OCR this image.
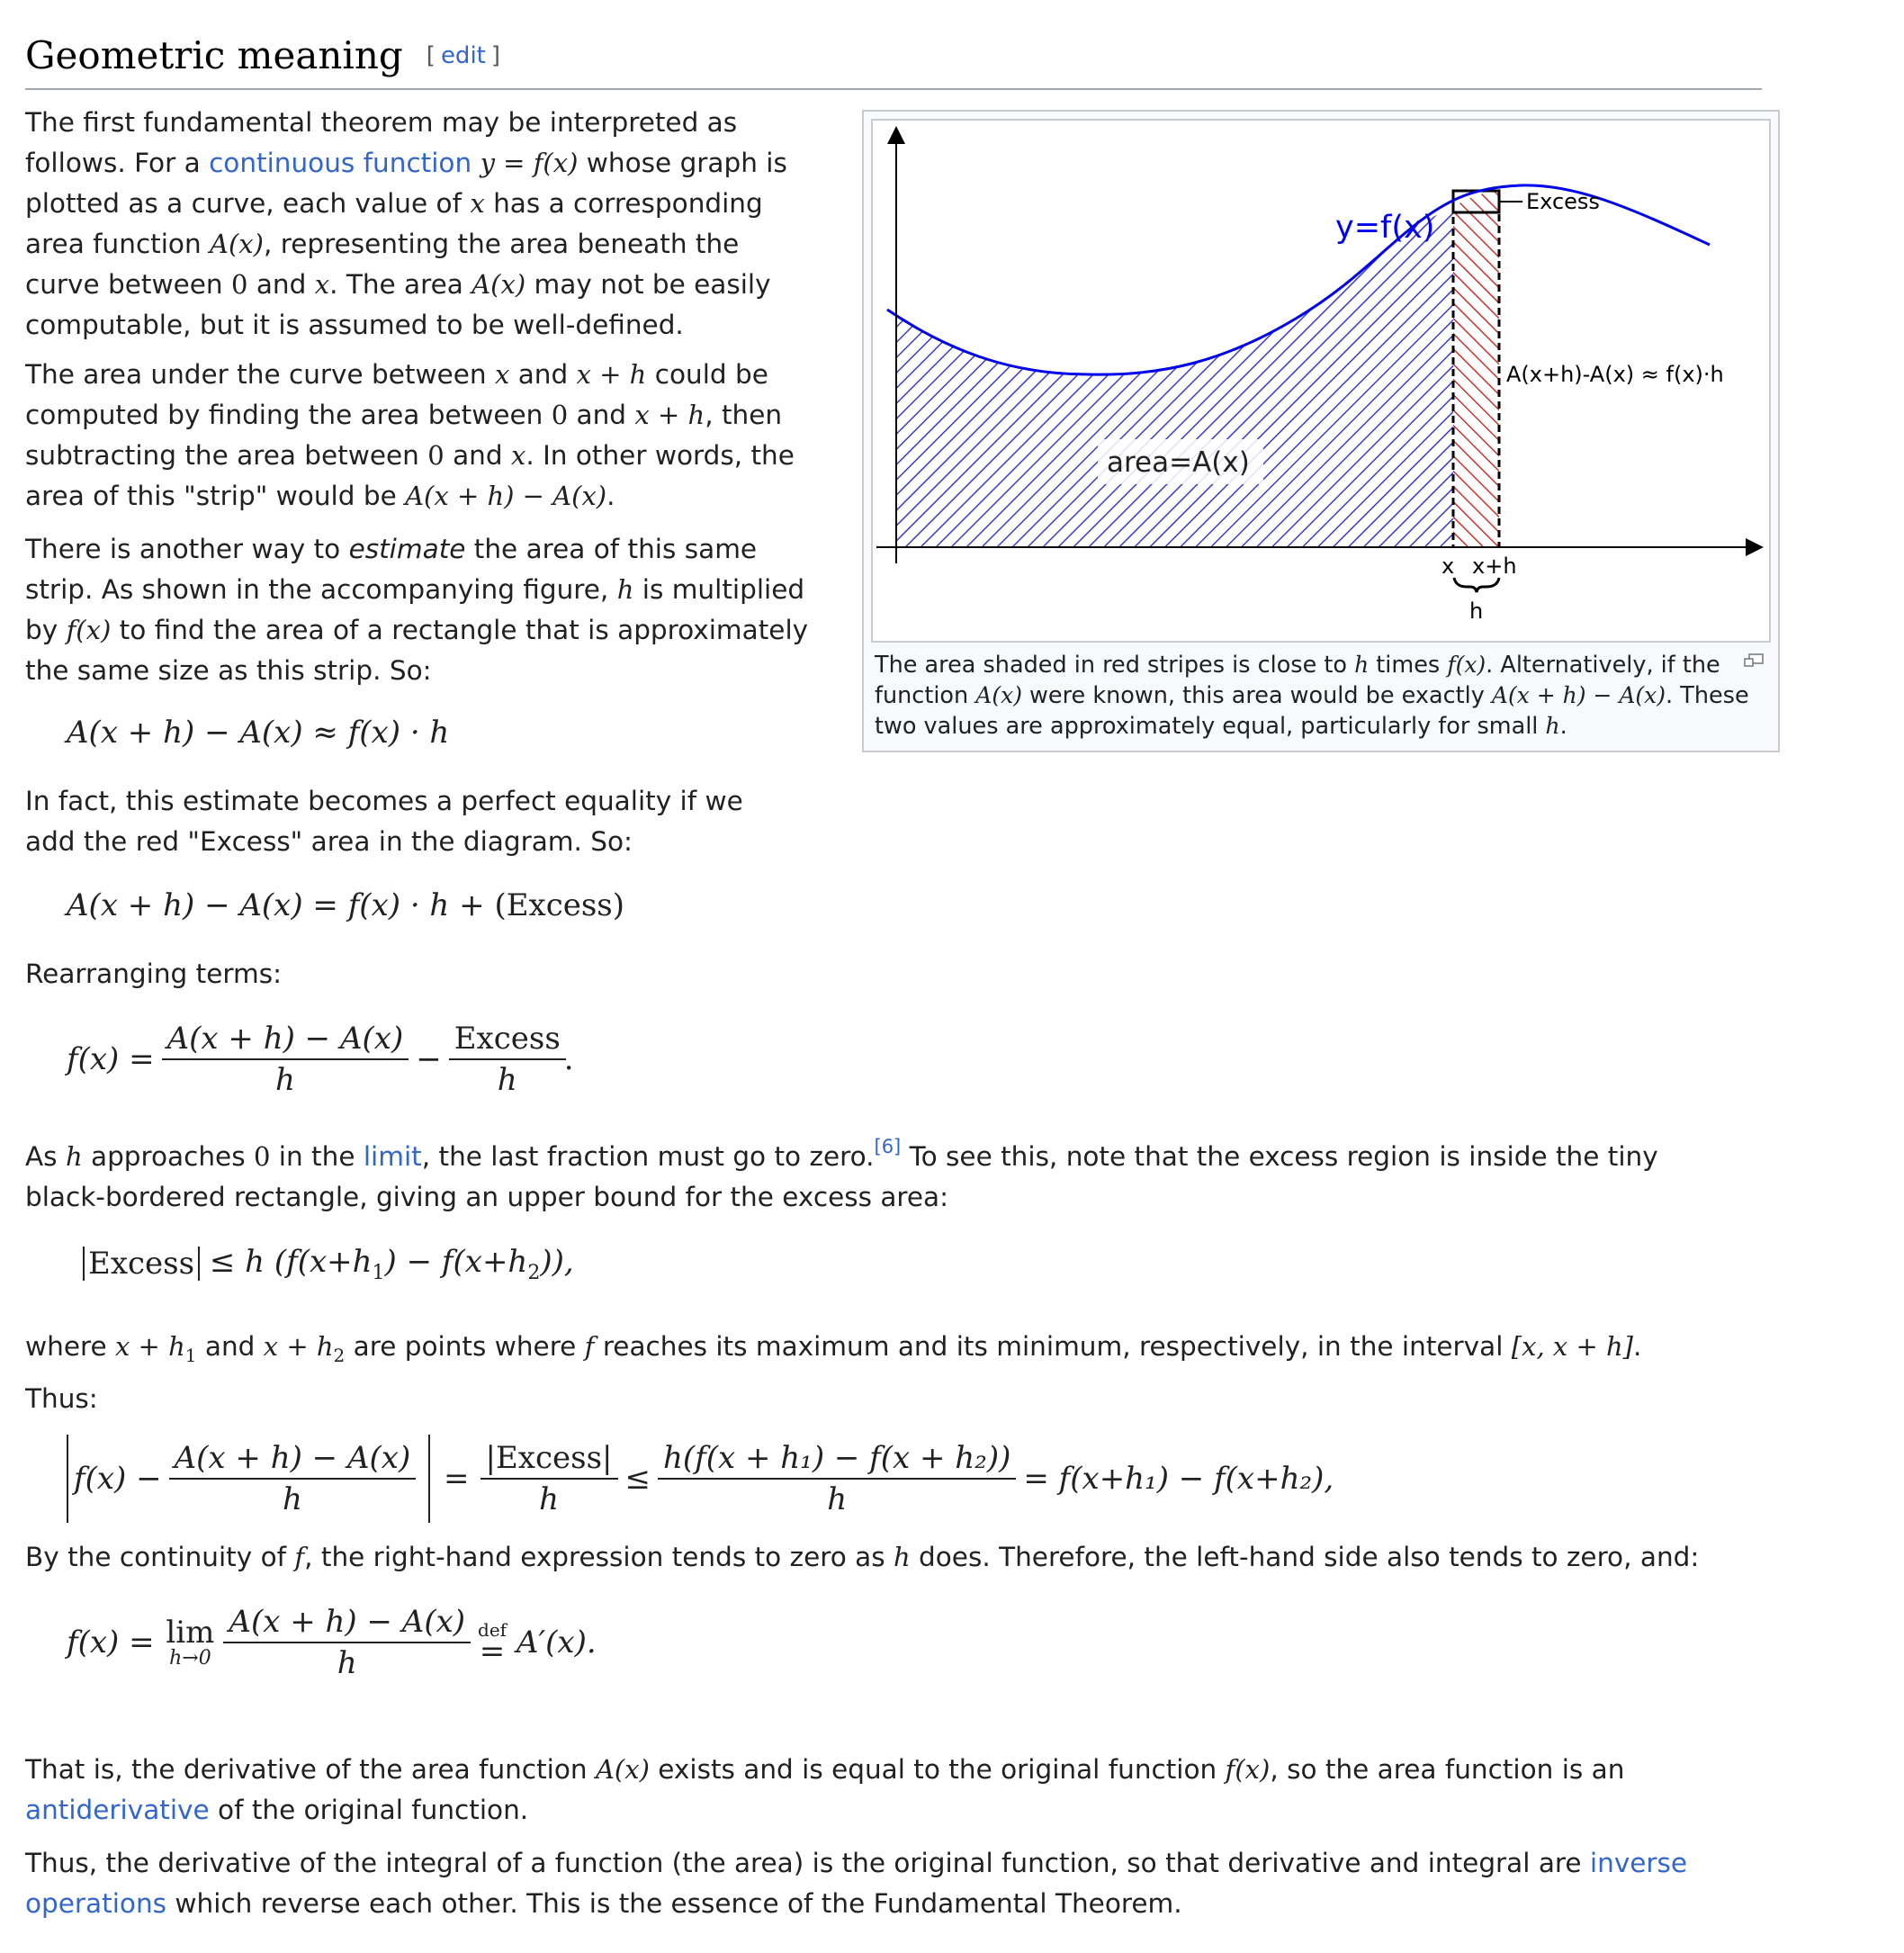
Geometric meaning [ edit ]

The first fundamental theorem may be interpreted as follows. For a continuous function y = f(x) whose graph is plotted as a curve, each value of x has a corresponding area function A(x), representing the area beneath the curve between 0 and x. The area A(x) may not be easily computable, but it is assumed to be well-defined.

The area under the curve between x and x + h could be computed by finding the area between 0 and x + h, then subtracting the area between 0 and x. In other words, the area of this "strip" would be A(x + h) − A(x).

There is another way to estimate the area of this same strip. As shown in the accompanying figure, h is multiplied by f(x) to find the area of a rectangle that is approximately the same size as this strip. So:

A(x + h) − A(x) ≈ f(x) · h

In fact, this estimate becomes a perfect equality if we add the red "Excess" area in the diagram. So:

A(x + h) − A(x) = f(x) · h + (Excess)

Rearranging terms:

$f(x) = \frac{A(x + h) - A(x)}{h} - \frac{\text{Excess}}{h}$
.

As h approaches 0 in the limit, the last fraction must go to zero.[6] To see this, note that the excess region is inside the tiny black-bordered rectangle, giving an upper bound for the excess area:

Excess ≤ h $(f(x+h_1) - f(x+h_2))$,

where $x + h_1$ and $x + h_2$ are points where f reaches its maximum and its minimum, respectively, in the interval [x, x + h].

Thus:

$f(x) - \frac{A(x + h) - A(x)}{h} = \frac{\text{|Excess|}}{h} \le \frac{\text{h(f(x + h₁) − f(x + h₂))}}{h} = f(x+h_1) - f(x+h_2)$,

By the continuity of f, the right-hand expression tends to zero as h does. Therefore, the left-hand side also tends to zero, and:

f(x) = lim
$h\to 0 \frac{A(x + h) - A(x)}{h}$ def
= A′(x).

That is, the derivative of the area function A(x) exists and is equal to the original function f(x), so the area function is an antiderivative of the original function.

Thus, the derivative of the integral of a function (the area) is the original function, so that derivative and integral are inverse operations which reverse each other. This is the essence of the Fundamental Theorem.

area=A(x)
y=f(x)
Excess
A(x+h)-A(x) ≈ f(x)·h
x x+h
h
The area shaded in red stripes is close to h times f(x). Alternatively, if the function A(x) were known, this area would be exactly A(x + h) − A(x). These two values are approximately equal, particularly for small h.
